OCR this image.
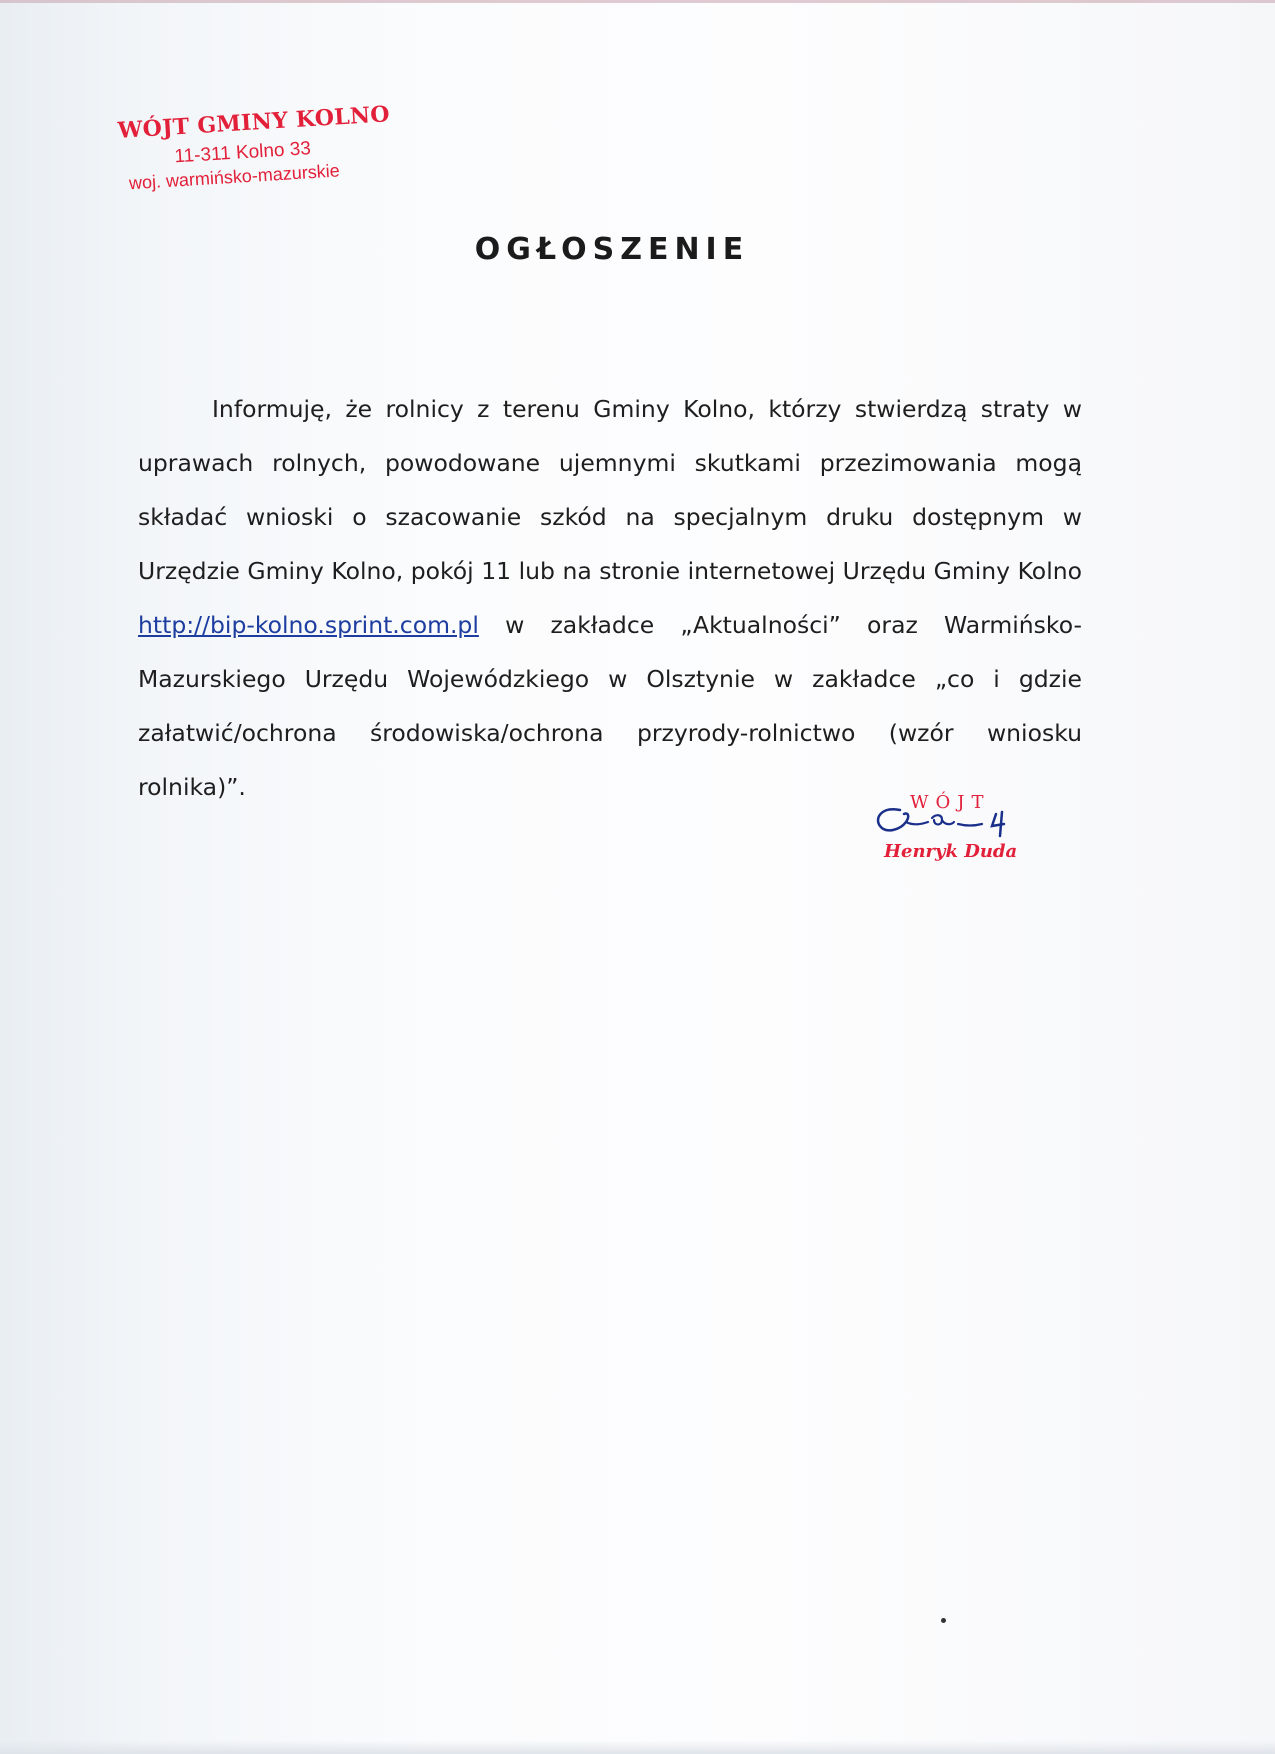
WÓJT GMINY KOLNO
11-311 Kolno 33
woj. warmińsko-mazurskie
OGŁOSZENIE

Informuję, że rolnicy z terenu Gminy Kolno, którzy stwierdzą straty w uprawach rolnych, powodowane ujemnymi skutkami przezimowania mogą składać wnioski o szacowanie szkód na specjalnym druku dostępnym w Urzędzie Gminy Kolno, pokój 11 lub na stronie internetowej Urzędu Gminy Kolno http://bip-kolno.sprint.com.pl w zakładce „Aktualności” oraz Warmińsko-Mazurskiego Urzędu Wojewódzkiego w Olsztynie w zakładce „co i gdzie załatwić/ochrona środowiska/ochrona przyrody-rolnictwo (wzór wniosku rolnika)”.

WÓJT
Henryk Duda
